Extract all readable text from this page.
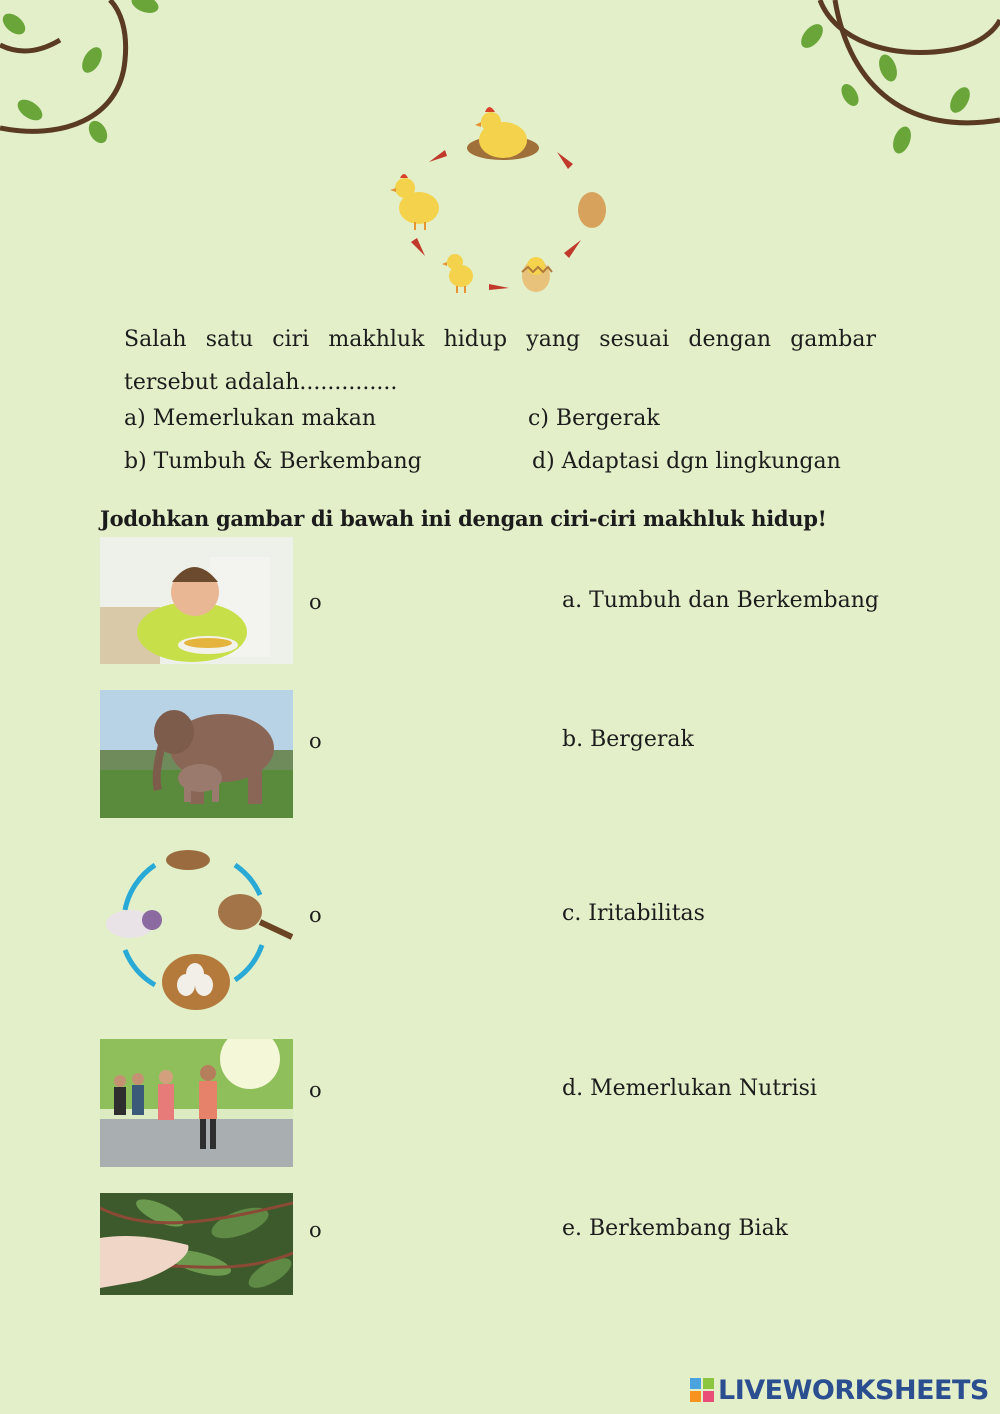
Salah satu ciri makhluk hidup yang sesuai dengan gambar tersebut adalah..............
a) Memerlukan makan	c) Bergerak
b) Tumbuh & Berkembang	d) Adaptasi dgn lingkungan
Jodohkan gambar di bawah ini dengan ciri-ciri makhluk hidup!
o
o
o
o
o
a. Tumbuh dan Berkembang
b. Bergerak
c. Iritabilitas
d. Memerlukan Nutrisi
e. Berkembang Biak
LIVEWORKSHEETS
